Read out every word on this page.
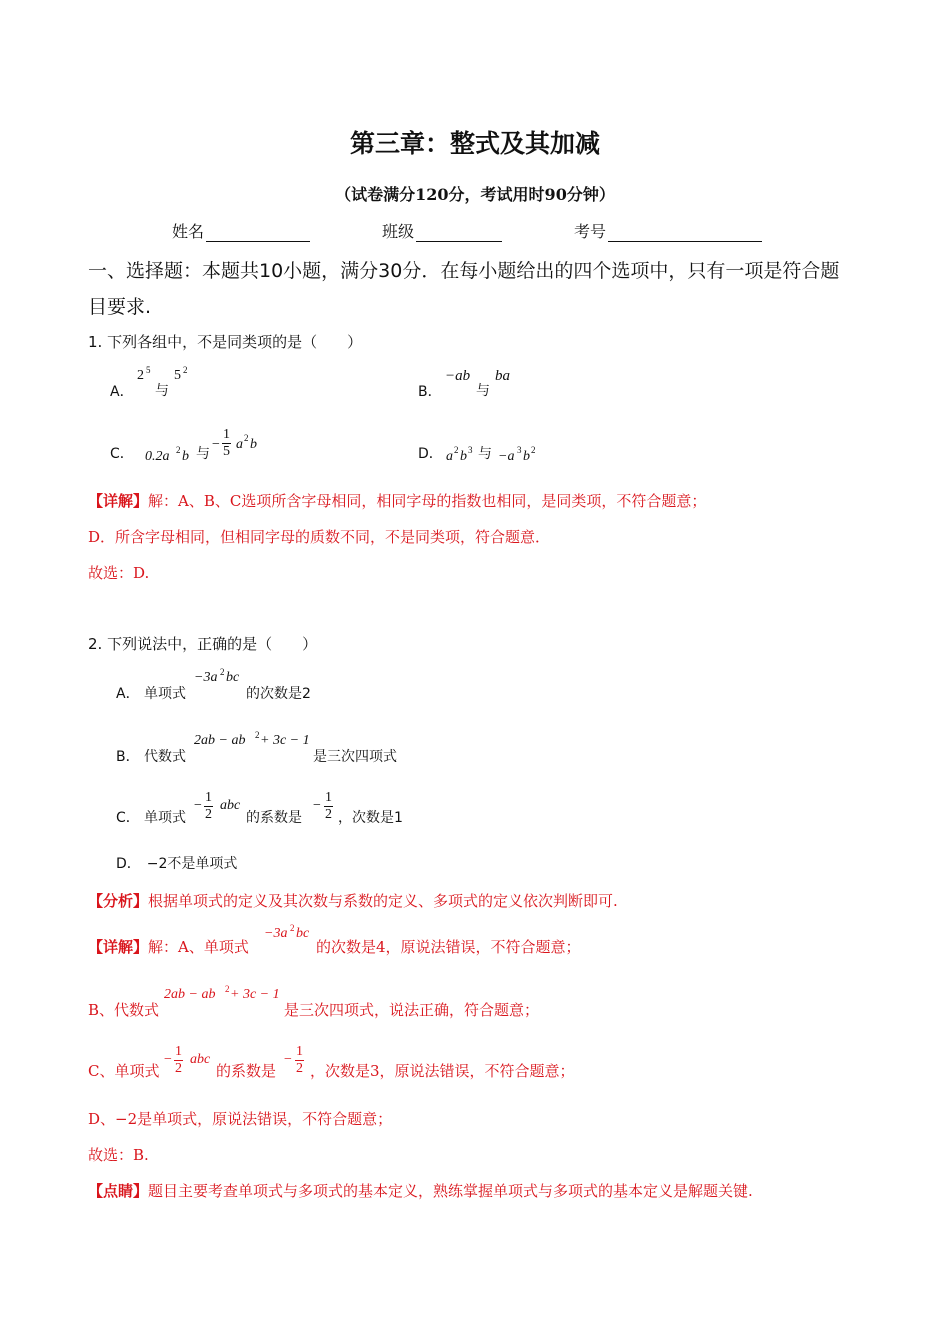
第三章：整式及其加减
（试卷满分120分，考试用时90分钟）
姓名	班级	考号
一、选择题：本题共10小题，满分30分．在每小题给出的四个选项中，只有一项是符合题
目要求.
1. 下列各组中，不是同类项的是（　　）
A．
2 5
与
5 2
B．
−ab
与
ba
C． 0.2a 2 b 与
− $\frac{1}{5}$ a 2 b
D． a 2 b 3 与 −a 3 b 2
【详解】解：A、B、C选项所含字母相同，相同字母的指数也相同，是同类项，不符合题意；
D．所含字母相同，但相同字母的质数不同，不是同类项，符合题意．
故选：D.
2. 下列说法中，正确的是（　　）
A． 单项式
−3a 2 bc
的次数是2
B． 代数式
2ab − ab 2 + 3c − 1
是三次四项式
C． 单项式
− $\frac{1}{2}$ abc
的系数是
− $\frac{1}{2}$ ，次数是1
D． −2不是单项式
【分析】根据单项式的定义及其次数与系数的定义、多项式的定义依次判断即可.
【详解】解：A、单项式
−3a 2 bc
的次数是4，原说法错误，不符合题意；
B、代数式
2ab − ab 2 + 3c − 1
是三次四项式，说法正确，符合题意；
C、单项式
− $\frac{1}{2}$ abc
的系数是
− $\frac{1}{2}$ ，次数是3，原说法错误，不符合题意；
D、−2是单项式，原说法错误，不符合题意；
故选：B.
【点睛】题目主要考查单项式与多项式的基本定义，熟练掌握单项式与多项式的基本定义是解题关键.
